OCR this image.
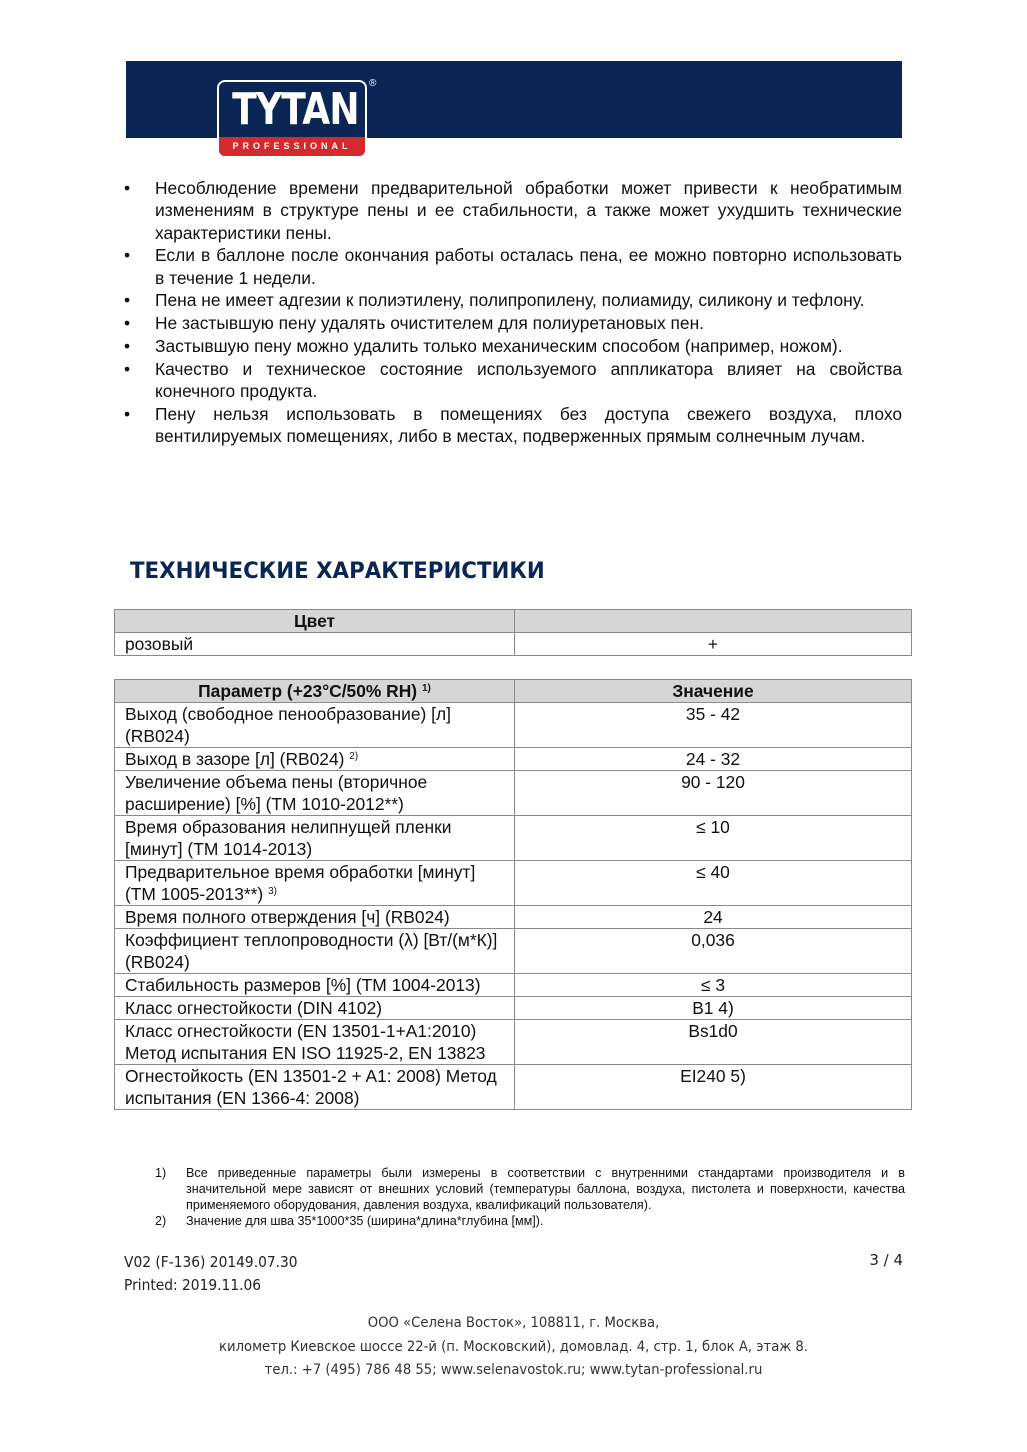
TYTAN
PROFESSIONAL
®
• Несоблюдение времени предварительной обработки может привести к необратимым изменениям в структуре пены и ее стабильности, а также может ухудшить технические характеристики пены.
• Если в баллоне после окончания работы осталась пена, ее можно повторно использовать в течение 1 недели.
• Пена не имеет адгезии к полиэтилену, полипропилену, полиамиду, силикону и тефлону.
• Не застывшую пену удалять очистителем для полиуретановых пен.
• Застывшую пену можно удалить только механическим способом (например, ножом).
• Качество и техническое состояние используемого аппликатора влияет на свойства конечного продукта.
• Пену нельзя использовать в помещениях без доступа свежего воздуха, плохо вентилируемых помещениях, либо в местах, подверженных прямым солнечным лучам.
ТЕХНИЧЕСКИЕ ХАРАКТЕРИСТИКИ
Цвет	
розовый	+
Параметр (+23°C/50% RH) $^{1)}$	Значение
Выход (свободное пенообразование) [л] (RB024)	35 - 42
Выход в зазоре [л] (RB024) $^{2)}$	24 - 32
Увеличение объема пены (вторичное расширение) [%] (TM 1010-2012**)	90 - 120
Время образования нелипнущей пленки [минут] (TM 1014-2013)	≤ 10
Предварительное время обработки [минут] (TM 1005-2013**) $^{3)}$	≤ 40
Время полного отверждения [ч] (RB024)	24
Коэффициент теплопроводности (λ) [Вт/(м*К)] (RB024)	0,036
Стабильность размеров [%] (TM 1004-2013)	≤ 3
Класс огнестойкости (DIN 4102)	B1 4)
Класс огнестойкости (EN 13501-1+A1:2010) Метод испытания EN ISO 11925-2, EN 13823	Bs1d0
Огнестойкость (EN 13501-2 + A1: 2008) Метод испытания (EN 1366-4: 2008)	EI240 5)
1) Все приведенные параметры были измерены в соответствии с внутренними стандартами производителя и в значительной мере зависят от внешних условий (температуры баллона, воздуха, пистолета и поверхности, качества применяемого оборудования, давления воздуха, квалификаций пользователя).
2) Значение для шва 35*1000*35 (ширина*длина*глубина [мм]).
V02 (F-136) 20149.07.30
Printed: 2019.11.06
3 / 4
ООО «Селена Восток», 108811, г. Москва,
километр Киевское шоссе 22-й (п. Московский), домовлад. 4, стр. 1, блок А, этаж 8.
тел.: +7 (495) 786 48 55; www.selenavostok.ru; www.tytan-professional.ru
